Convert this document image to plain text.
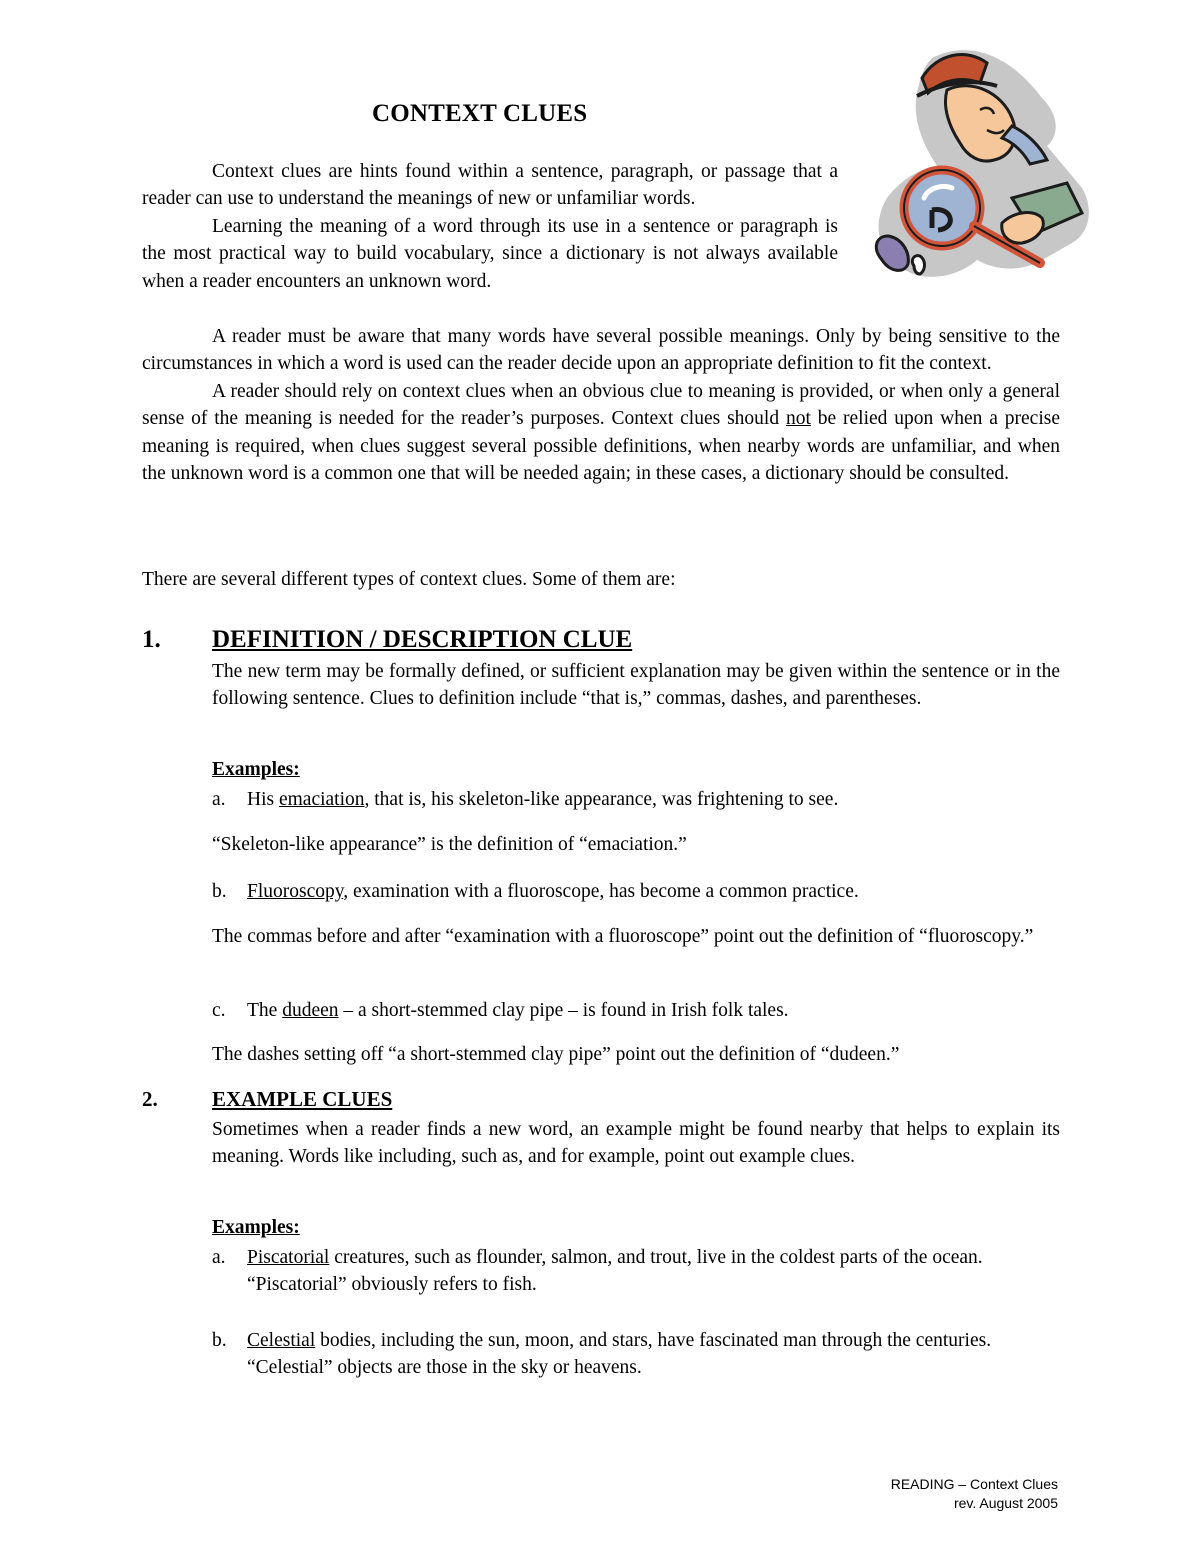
CONTEXT CLUES

Context clues are hints found within a sentence, paragraph, or passage that a reader can use to understand the meanings of new or unfamiliar words.

Learning the meaning of a word through its use in a sentence or paragraph is the most practical way to build vocabulary, since a dictionary is not always available when a reader encounters an unknown word.

A reader must be aware that many words have several possible meanings. Only by being sensitive to the circumstances in which a word is used can the reader decide upon an appropriate definition to fit the context.

A reader should rely on context clues when an obvious clue to meaning is provided, or when only a general sense of the meaning is needed for the reader’s purposes. Context clues should not be relied upon when a precise meaning is required, when clues suggest several possible definitions, when nearby words are unfamiliar, and when the unknown word is a common one that will be needed again; in these cases, a dictionary should be consulted.

There are several different types of context clues. Some of them are:
1. DEFINITION / DESCRIPTION CLUE
The new term may be formally defined, or sufficient explanation may be given within the sentence or in the following sentence. Clues to definition include “that is,” commas, dashes, and parentheses.
Examples:
a. His emaciation, that is, his skeleton-like appearance, was frightening to see.
“Skeleton-like appearance” is the definition of “emaciation.”
b. Fluoroscopy, examination with a fluoroscope, has become a common practice.
The commas before and after “examination with a fluoroscope” point out the definition of “fluoroscopy.”
c. The dudeen – a short-stemmed clay pipe – is found in Irish folk tales.
The dashes setting off “a short-stemmed clay pipe” point out the definition of “dudeen.”
2.	EXAMPLE CLUES
Sometimes when a reader finds a new word, an example might be found nearby that helps to explain its meaning. Words like including, such as, and for example, point out example clues.
Examples:
a. Piscatorial creatures, such as flounder, salmon, and trout, live in the coldest parts of the ocean.
“Piscatorial” obviously refers to fish.
b. Celestial bodies, including the sun, moon, and stars, have fascinated man through the centuries.
“Celestial” objects are those in the sky or heavens.
READING – Context Clues
rev. August 2005
